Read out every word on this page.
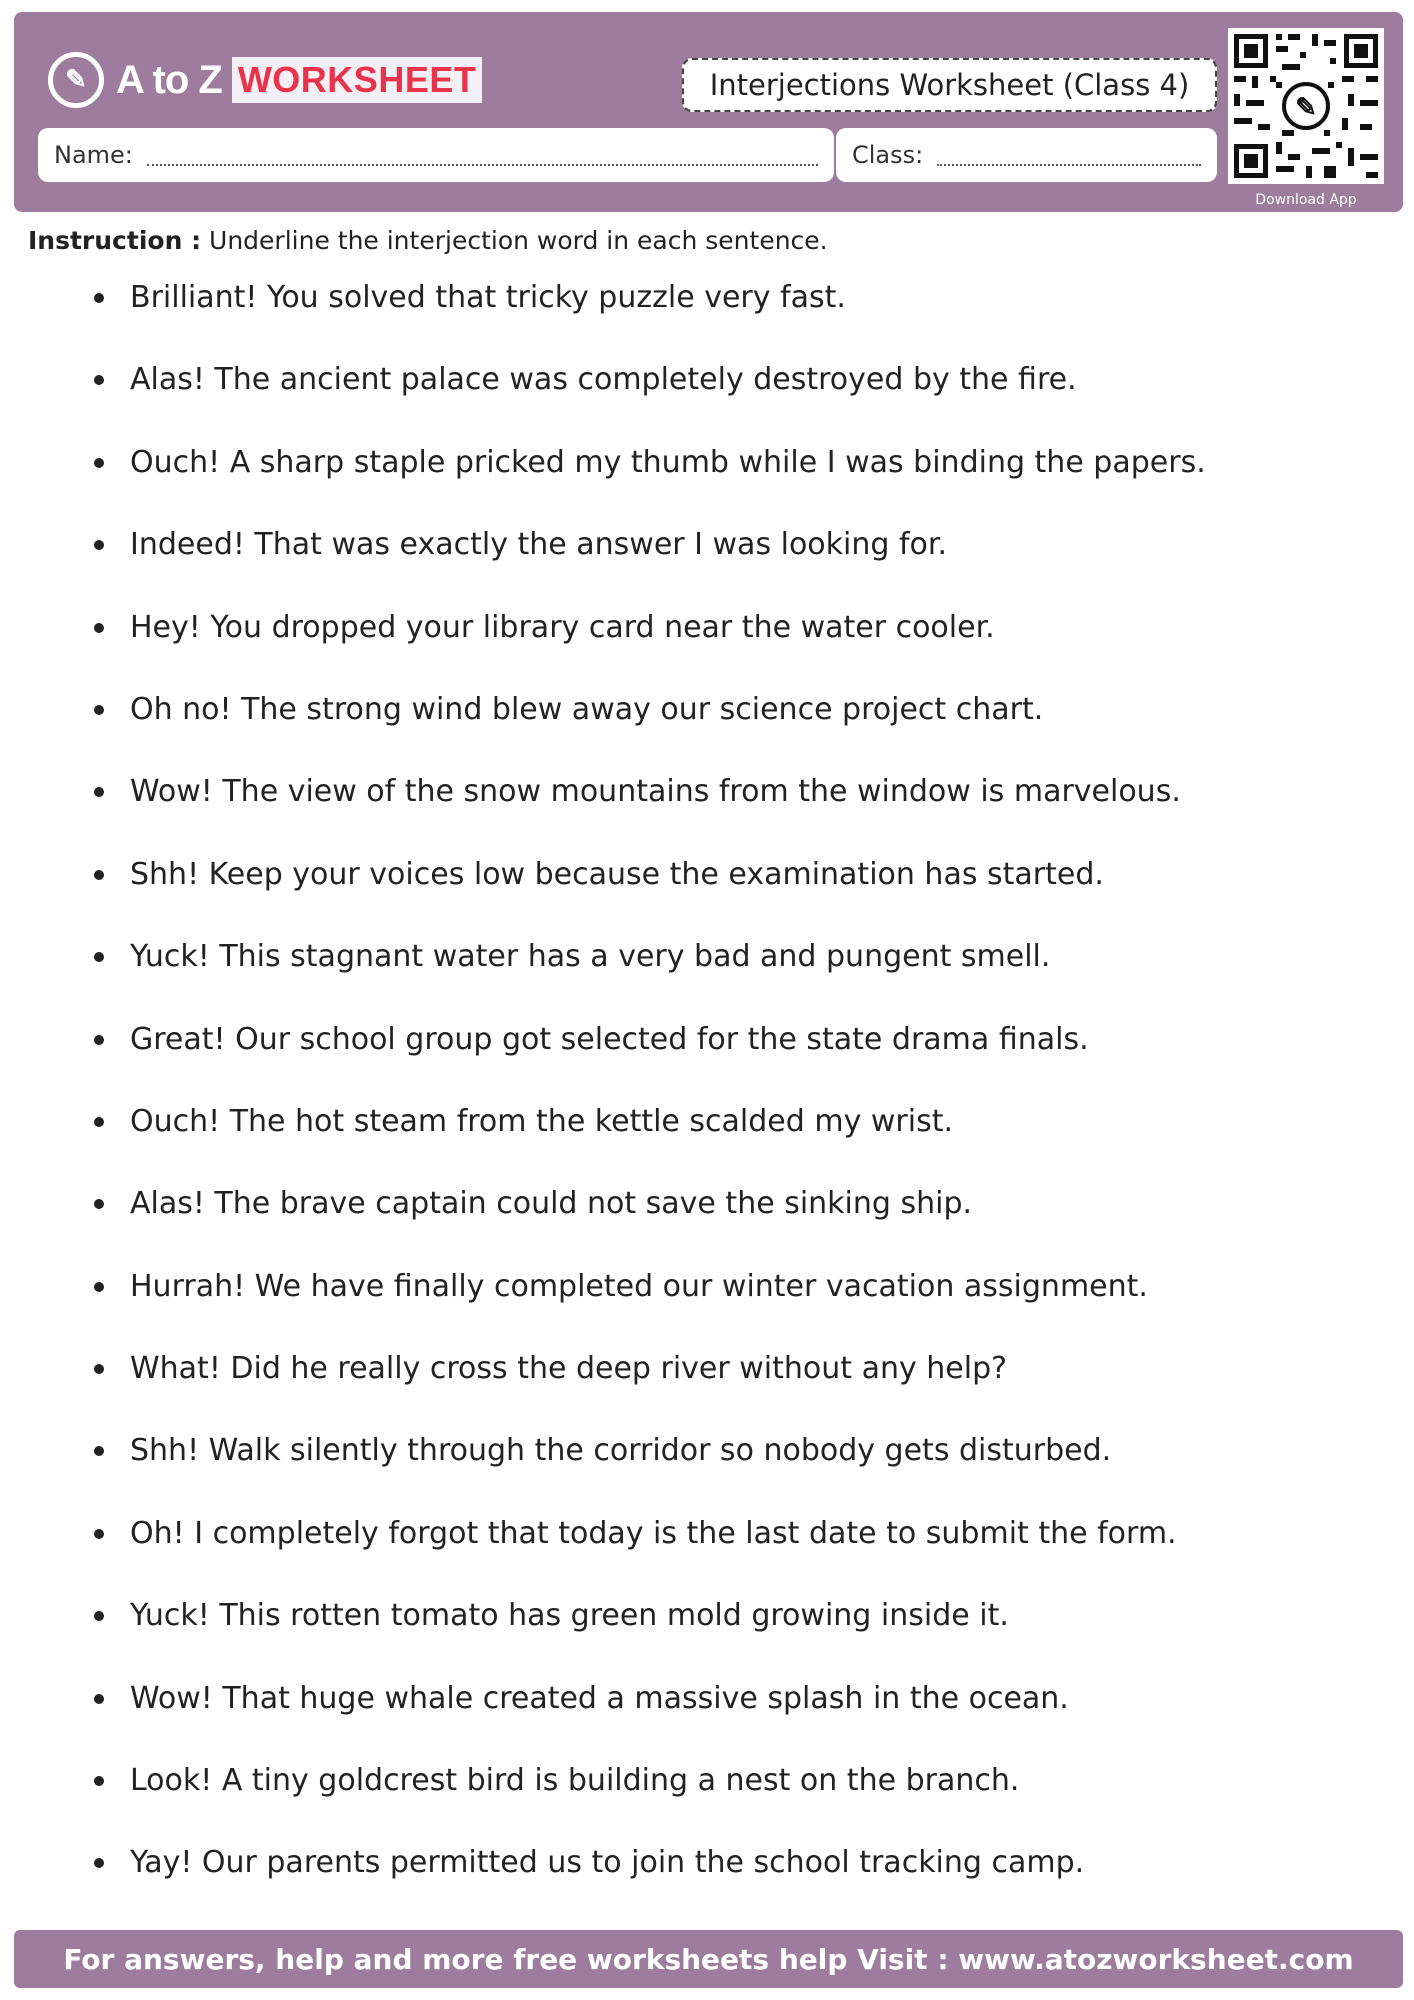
✎ A to Z WORKSHEET	Interjections Worksheet (Class 4)
Name:	Class:
✎
Download App
Instruction : Underline the interjection word in each sentence.
Brilliant! You solved that tricky puzzle very fast.
Alas! The ancient palace was completely destroyed by the fire.
Ouch! A sharp staple pricked my thumb while I was binding the papers.
Indeed! That was exactly the answer I was looking for.
Hey! You dropped your library card near the water cooler.
Oh no! The strong wind blew away our science project chart.
Wow! The view of the snow mountains from the window is marvelous.
Shh! Keep your voices low because the examination has started.
Yuck! This stagnant water has a very bad and pungent smell.
Great! Our school group got selected for the state drama finals.
Ouch! The hot steam from the kettle scalded my wrist.
Alas! The brave captain could not save the sinking ship.
Hurrah! We have finally completed our winter vacation assignment.
What! Did he really cross the deep river without any help?
Shh! Walk silently through the corridor so nobody gets disturbed.
Oh! I completely forgot that today is the last date to submit the form.
Yuck! This rotten tomato has green mold growing inside it.
Wow! That huge whale created a massive splash in the ocean.
Look! A tiny goldcrest bird is building a nest on the branch.
Yay! Our parents permitted us to join the school tracking camp.
For answers, help and more free worksheets help Visit : www.atozworksheet.com
